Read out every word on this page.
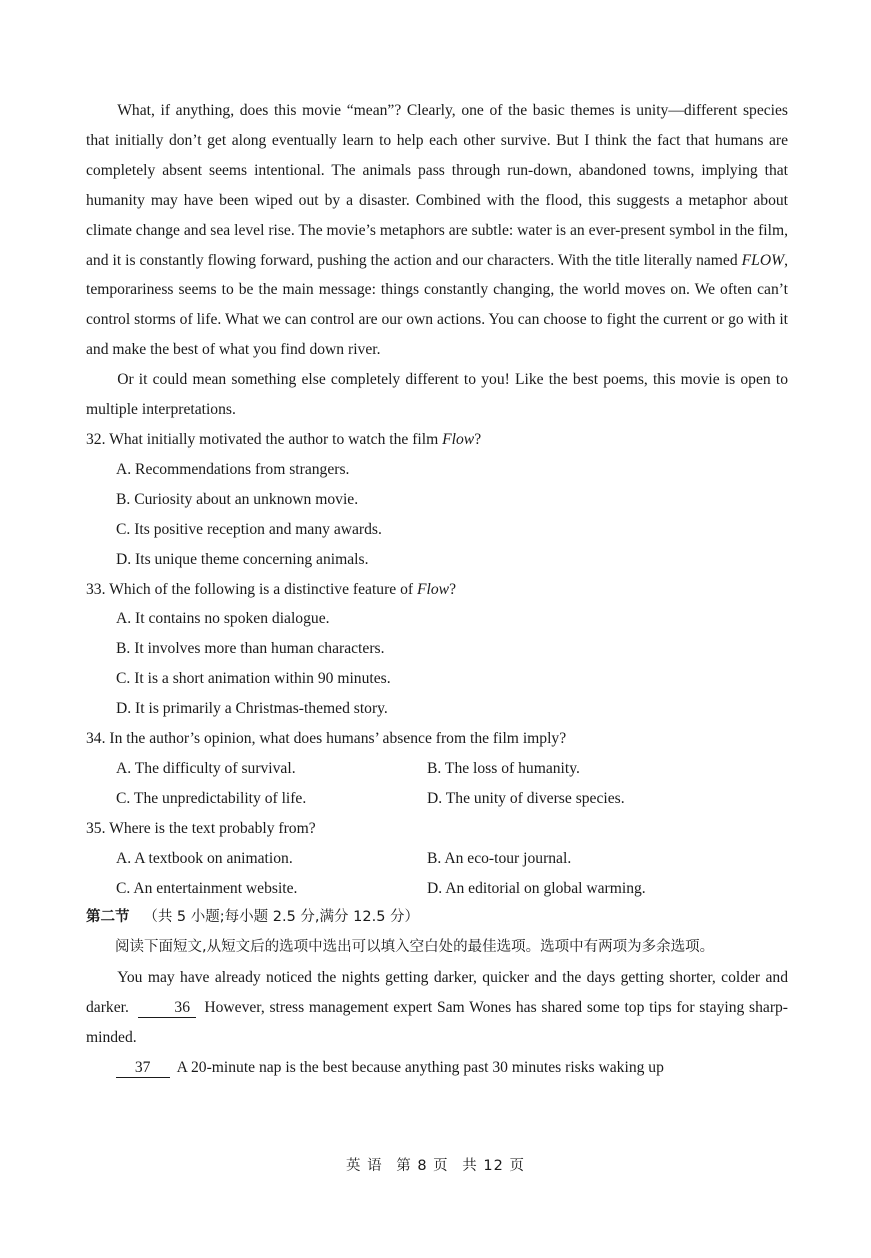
What, if anything, does this movie “mean”? Clearly, one of the basic themes is unity—different species that initially don’t get along eventually learn to help each other survive. But I think the fact that humans are completely absent seems intentional. The animals pass through run-down, abandoned towns, implying that humanity may have been wiped out by a disaster. Combined with the flood, this suggests a metaphor about climate change and sea level rise. The movie’s metaphors are subtle: water is an ever-present symbol in the film, and it is constantly flowing forward, pushing the action and our characters. With the title literally named FLOW, temporariness seems to be the main message: things constantly changing, the world moves on. We often can’t control storms of life. What we can control are our own actions. You can choose to fight the current or go with it and make the best of what you find down river.

Or it could mean something else completely different to you! Like the best poems, this movie is open to multiple interpretations.

32. What initially motivated the author to watch the film Flow?

A. Recommendations from strangers.

B. Curiosity about an unknown movie.

C. Its positive reception and many awards.

D. Its unique theme concerning animals.

33. Which of the following is a distinctive feature of Flow?

A. It contains no spoken dialogue.

B. It involves more than human characters.

C. It is a short animation within 90 minutes.

D. It is primarily a Christmas-themed story.

34. In the author’s opinion, what does humans’ absence from the film imply?

A. The difficulty of survival.	B. The loss of humanity.
C. The unpredictability of life.	D. The unity of diverse species.

35. Where is the text probably from?

A. A textbook on animation.	B. An eco-tour journal.
C. An entertainment website.	D. An editorial on global warming.

第二节 （共 5 小题;每小题 2.5 分,满分 12.5 分）

阅读下面短文,从短文后的选项中选出可以填入空白处的最佳选项。选项中有两项为多余选项。

You may have already noticed the nights getting darker, quicker and the days getting shorter, colder and darker.	36 However, stress management expert Sam Wones has shared some top tips for staying sharp-minded.

37 A 20-minute nap is the best because anything past 30 minutes risks waking up

英 语 第 8 页 共 12 页
